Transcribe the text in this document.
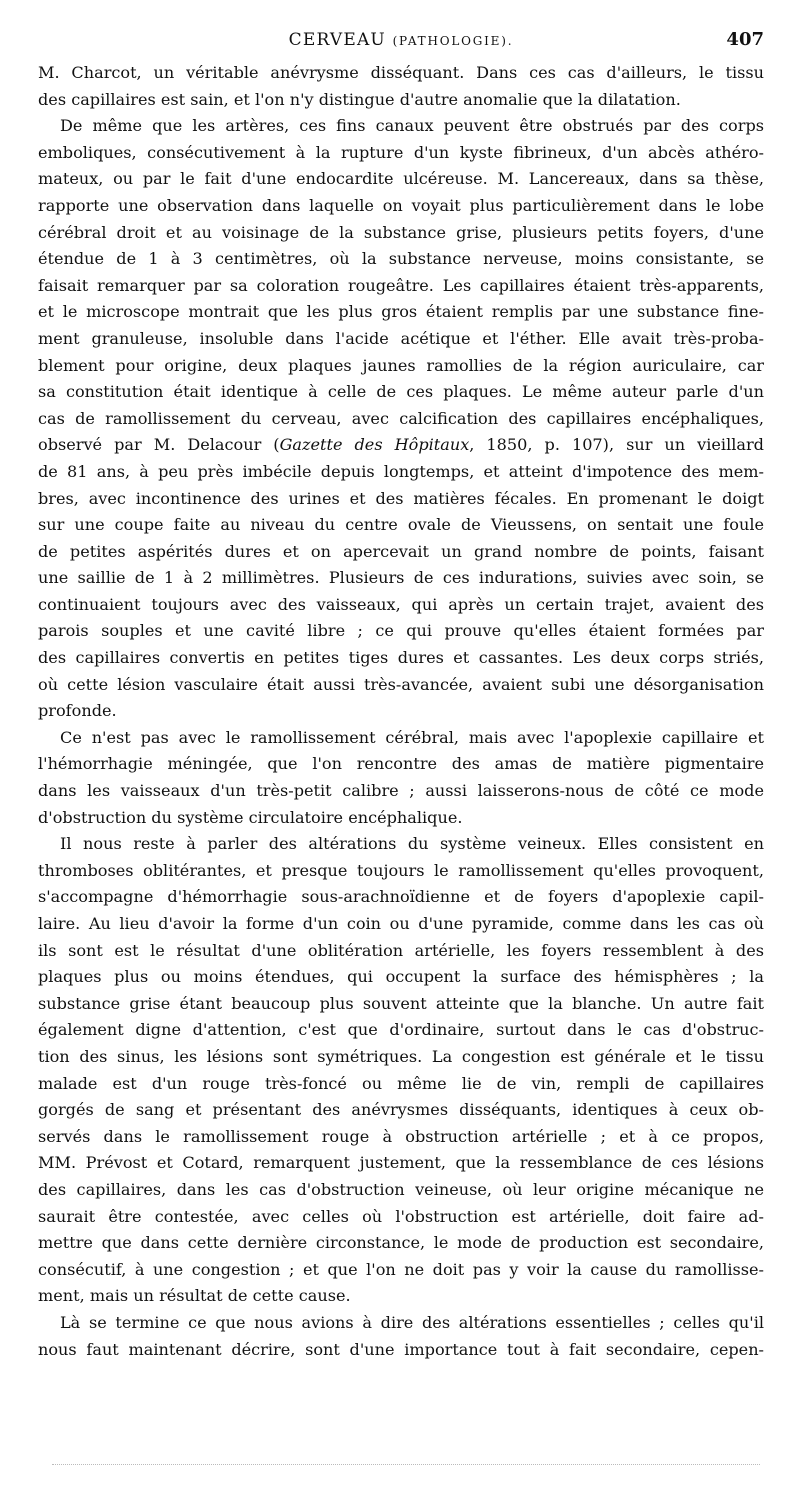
CERVEAU (PATHOLOGIE).	407
M. Charcot, un véritable anévrysme disséquant. Dans ces cas d'ailleurs, le tissu
des capillaires est sain, et l'on n'y distingue d'autre anomalie que la dilatation.
De même que les artères, ces fins canaux peuvent être obstrués par des corps
emboliques, consécutivement à la rupture d'un kyste fibrineux, d'un abcès athéro-
mateux, ou par le fait d'une endocardite ulcéreuse. M. Lancereaux, dans sa thèse,
rapporte une observation dans laquelle on voyait plus particulièrement dans le lobe
cérébral droit et au voisinage de la substance grise, plusieurs petits foyers, d'une
étendue de 1 à 3 centimètres, où la substance nerveuse, moins consistante, se
faisait remarquer par sa coloration rougeâtre. Les capillaires étaient très-apparents,
et le microscope montrait que les plus gros étaient remplis par une substance fine-
ment granuleuse, insoluble dans l'acide acétique et l'éther. Elle avait très-proba-
blement pour origine, deux plaques jaunes ramollies de la région auriculaire, car
sa constitution était identique à celle de ces plaques. Le même auteur parle d'un
cas de ramollissement du cerveau, avec calcification des capillaires encéphaliques,
observé par M. Delacour (Gazette des Hôpitaux, 1850, p. 107), sur un vieillard
de 81 ans, à peu près imbécile depuis longtemps, et atteint d'impotence des mem-
bres, avec incontinence des urines et des matières fécales. En promenant le doigt
sur une coupe faite au niveau du centre ovale de Vieussens, on sentait une foule
de petites aspérités dures et on apercevait un grand nombre de points, faisant
une saillie de 1 à 2 millimètres. Plusieurs de ces indurations, suivies avec soin, se
continuaient toujours avec des vaisseaux, qui après un certain trajet, avaient des
parois souples et une cavité libre ; ce qui prouve qu'elles étaient formées par
des capillaires convertis en petites tiges dures et cassantes. Les deux corps striés,
où cette lésion vasculaire était aussi très-avancée, avaient subi une désorganisation
profonde.
Ce n'est pas avec le ramollissement cérébral, mais avec l'apoplexie capillaire et
l'hémorrhagie méningée, que l'on rencontre des amas de matière pigmentaire
dans les vaisseaux d'un très-petit calibre ; aussi laisserons-nous de côté ce mode
d'obstruction du système circulatoire encéphalique.
Il nous reste à parler des altérations du système veineux. Elles consistent en
thromboses oblitérantes, et presque toujours le ramollissement qu'elles provoquent,
s'accompagne d'hémorrhagie sous-arachnoïdienne et de foyers d'apoplexie capil-
laire. Au lieu d'avoir la forme d'un coin ou d'une pyramide, comme dans les cas où
ils sont est le résultat d'une oblitération artérielle, les foyers ressemblent à des
plaques plus ou moins étendues, qui occupent la surface des hémisphères ; la
substance grise étant beaucoup plus souvent atteinte que la blanche. Un autre fait
également digne d'attention, c'est que d'ordinaire, surtout dans le cas d'obstruc-
tion des sinus, les lésions sont symétriques. La congestion est générale et le tissu
malade est d'un rouge très-foncé ou même lie de vin, rempli de capillaires
gorgés de sang et présentant des anévrysmes disséquants, identiques à ceux ob-
servés dans le ramollissement rouge à obstruction artérielle ; et à ce propos,
MM. Prévost et Cotard, remarquent justement, que la ressemblance de ces lésions
des capillaires, dans les cas d'obstruction veineuse, où leur origine mécanique ne
saurait être contestée, avec celles où l'obstruction est artérielle, doit faire ad-
mettre que dans cette dernière circonstance, le mode de production est secondaire,
consécutif, à une congestion ; et que l'on ne doit pas y voir la cause du ramollisse-
ment, mais un résultat de cette cause.
Là se termine ce que nous avions à dire des altérations essentielles ; celles qu'il
nous faut maintenant décrire, sont d'une importance tout à fait secondaire, cepen-
